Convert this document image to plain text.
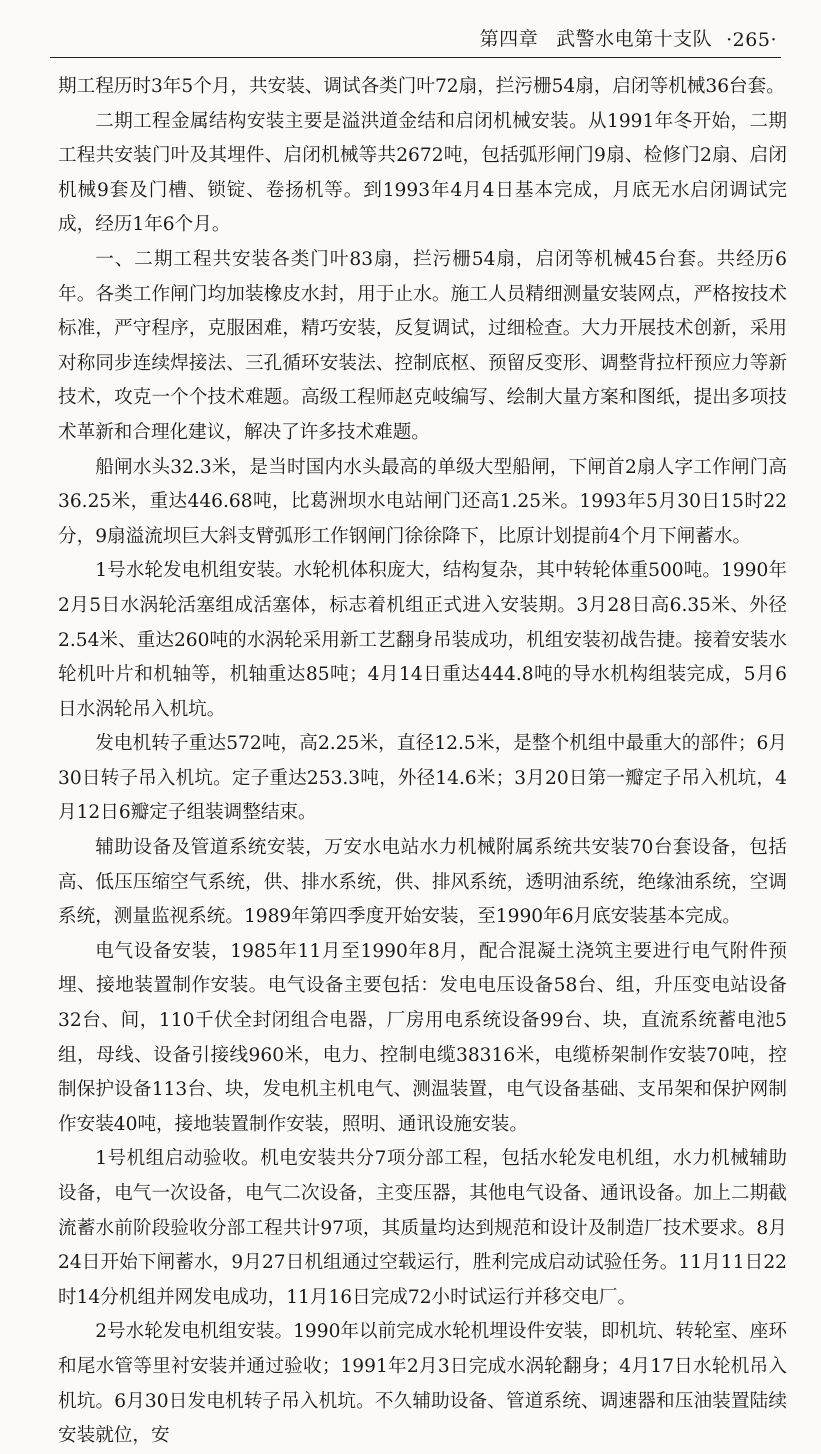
第四章 武警水电第十支队 ·265·

期工程历时3年5个月，共安装、调试各类门叶72扇，拦污栅54扇，启闭等机械36台套。

二期工程金属结构安装主要是溢洪道金结和启闭机械安装。从1991年冬开始，二期工程共安装门叶及其埋件、启闭机械等共2672吨，包括弧形闸门9扇、检修门2扇、启闭机械9套及门槽、锁锭、卷扬机等。到1993年4月4日基本完成，月底无水启闭调试完成，经历1年6个月。

一、二期工程共安装各类门叶83扇，拦污栅54扇，启闭等机械45台套。共经历6年。各类工作闸门均加装橡皮水封，用于止水。施工人员精细测量安装网点，严格按技术标准，严守程序，克服困难，精巧安装，反复调试，过细检查。大力开展技术创新，采用对称同步连续焊接法、三孔循环安装法、控制底枢、预留反变形、调整背拉杆预应力等新技术，攻克一个个技术难题。高级工程师赵克岐编写、绘制大量方案和图纸，提出多项技术革新和合理化建议，解决了许多技术难题。

船闸水头32.3米，是当时国内水头最高的单级大型船闸，下闸首2扇人字工作闸门高36.25米，重达446.68吨，比葛洲坝水电站闸门还高1.25米。1993年5月30日15时22分，9扇溢流坝巨大斜支臂弧形工作钢闸门徐徐降下，比原计划提前4个月下闸蓄水。

1号水轮发电机组安装。水轮机体积庞大，结构复杂，其中转轮体重500吨。1990年2月5日水涡轮活塞组成活塞体，标志着机组正式进入安装期。3月28日高6.35米、外径2.54米、重达260吨的水涡轮采用新工艺翻身吊装成功，机组安装初战告捷。接着安装水轮机叶片和机轴等，机轴重达85吨；4月14日重达444.8吨的导水机构组装完成，5月6日水涡轮吊入机坑。

发电机转子重达572吨，高2.25米，直径12.5米，是整个机组中最重大的部件；6月30日转子吊入机坑。定子重达253.3吨，外径14.6米；3月20日第一瓣定子吊入机坑，4月12日6瓣定子组装调整结束。

辅助设备及管道系统安装，万安水电站水力机械附属系统共安装70台套设备，包括高、低压压缩空气系统，供、排水系统，供、排风系统，透明油系统，绝缘油系统，空调系统，测量监视系统。1989年第四季度开始安装，至1990年6月底安装基本完成。

电气设备安装，1985年11月至1990年8月，配合混凝土浇筑主要进行电气附件预埋、接地装置制作安装。电气设备主要包括：发电电压设备58台、组，升压变电站设备32台、间，110千伏全封闭组合电器，厂房用电系统设备99台、块，直流系统蓄电池5组，母线、设备引接线960米，电力、控制电缆38316米，电缆桥架制作安装70吨，控制保护设备113台、块，发电机主机电气、测温装置，电气设备基础、支吊架和保护网制作安装40吨，接地装置制作安装，照明、通讯设施安装。

1号机组启动验收。机电安装共分7项分部工程，包括水轮发电机组，水力机械辅助设备，电气一次设备，电气二次设备，主变压器，其他电气设备、通讯设备。加上二期截流蓄水前阶段验收分部工程共计97项，其质量均达到规范和设计及制造厂技术要求。8月24日开始下闸蓄水，9月27日机组通过空载运行，胜利完成启动试验任务。11月11日22时14分机组并网发电成功，11月16日完成72小时试运行并移交电厂。

2号水轮发电机组安装。1990年以前完成水轮机埋设件安装，即机坑、转轮室、座环和尾水管等里衬安装并通过验收；1991年2月3日完成水涡轮翻身；4月17日水轮机吊入机坑。6月30日发电机转子吊入机坑。不久辅助设备、管道系统、调速器和压油装置陆续安装就位，安
